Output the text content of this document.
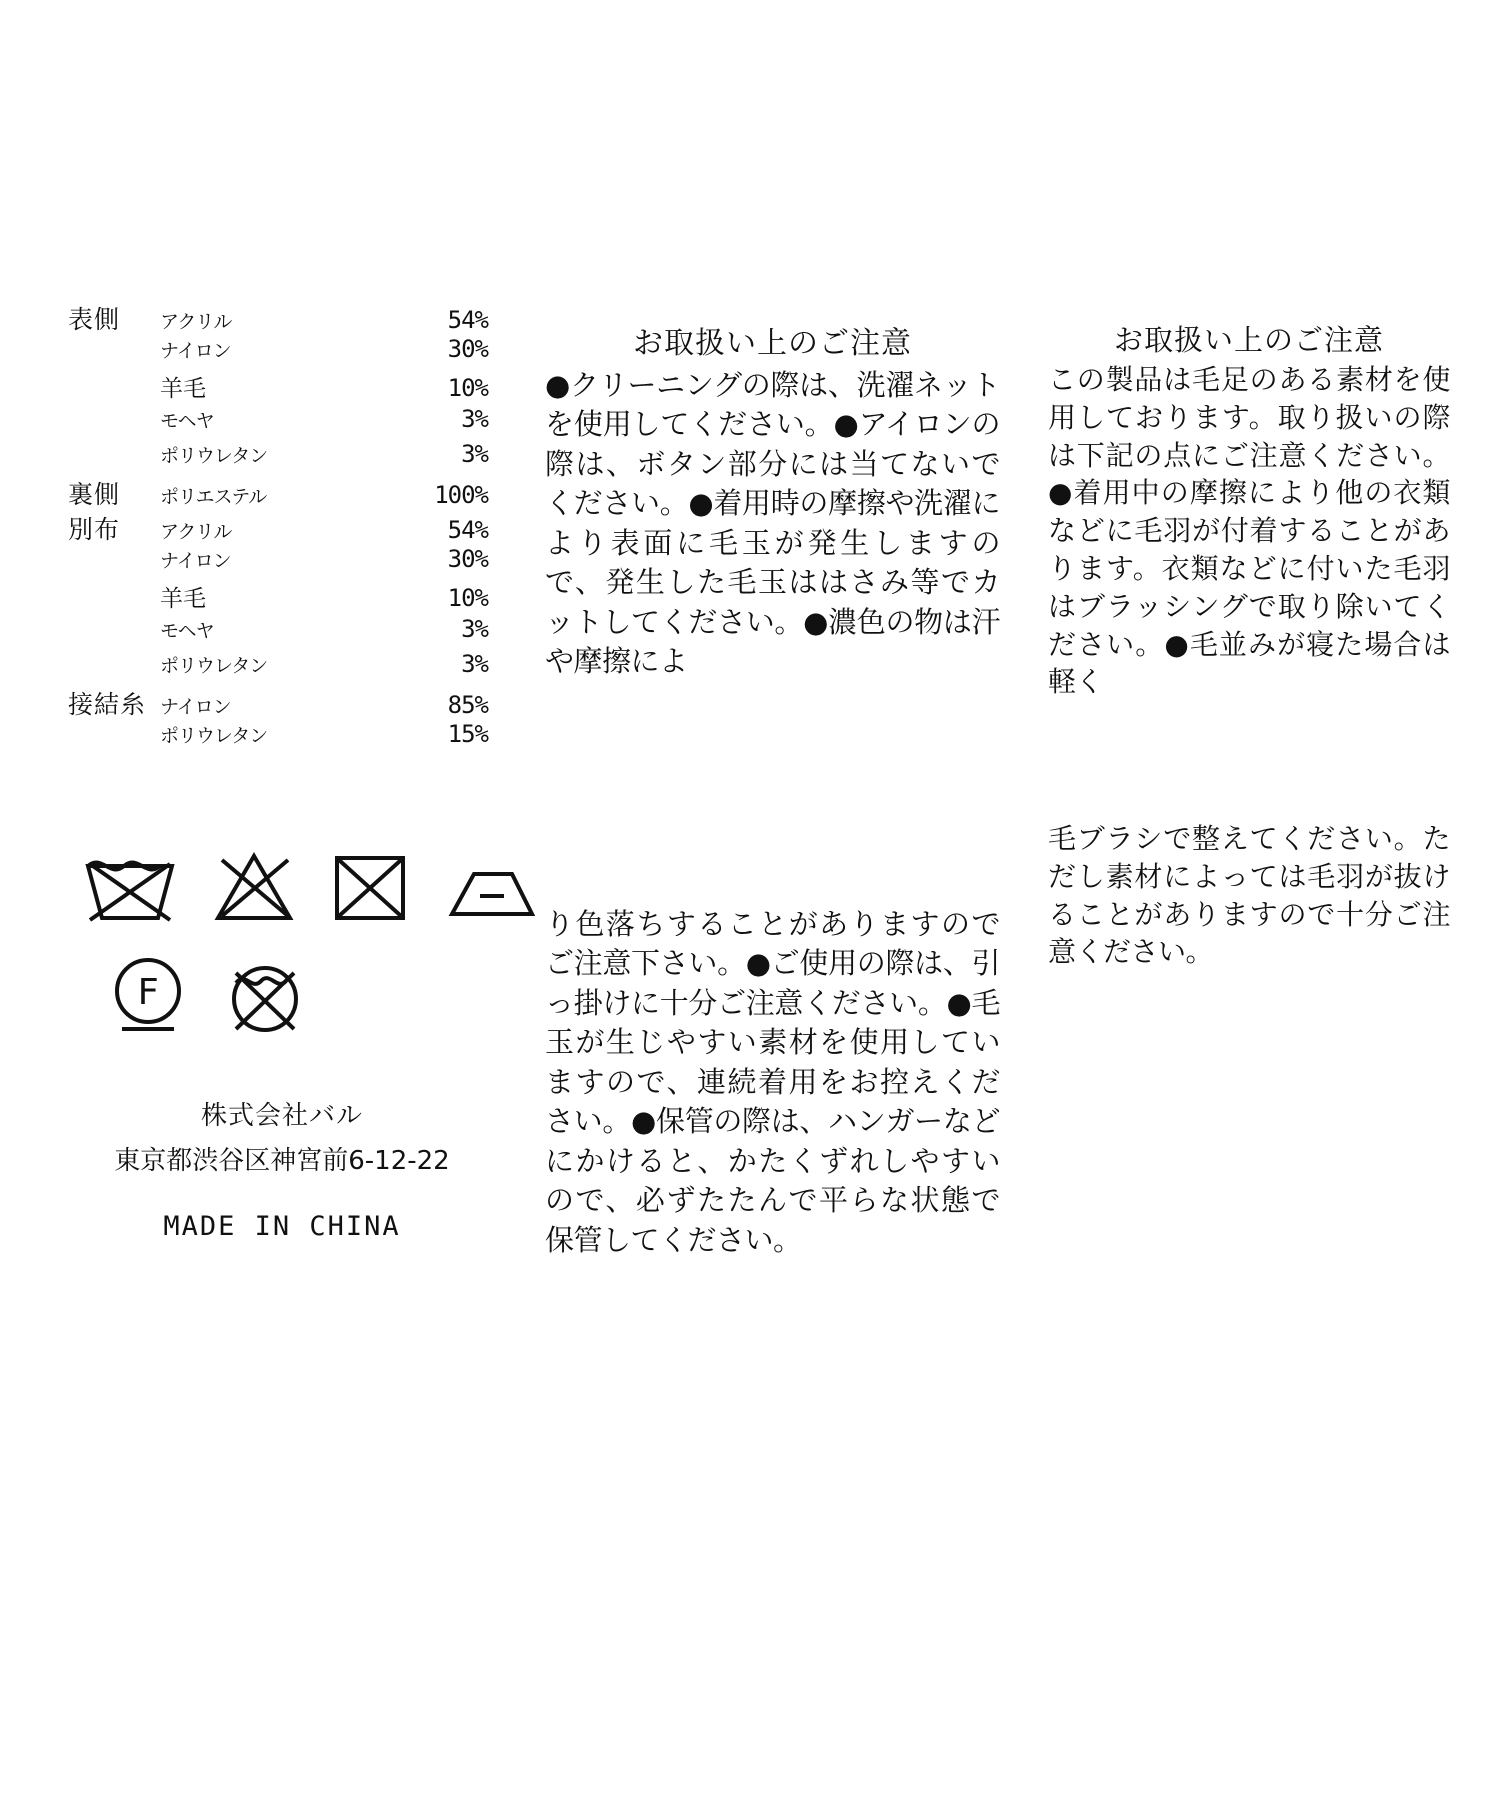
表側	アクリル	54%
ナイロン	30%
羊毛	10%
モヘヤ	3%
ポリウレタン	3%
裏側	ポリエステル	100%
別布	アクリル	54%
ナイロン	30%
羊毛	10%
モヘヤ	3%
ポリウレタン	3%
接結糸 ナイロン	85%
ポリウレタン	15%
F
株式会社バル
東京都渋谷区神宮前6-12-22
MADE IN CHINA
お取扱い上のご注意
●クリーニングの際は、洗濯ネットを使用してください。●アイロンの際は、ボタン部分には当てないでください。●着用時の摩擦や洗濯により表面に毛玉が発生しますので、発生した毛玉ははさみ等でカットしてください。●濃色の物は汗や摩擦によ
り色落ちすることがありますのでご注意下さい。●ご使用の際は、引っ掛けに十分ご注意ください。●毛玉が生じやすい素材を使用していますので、連続着用をお控えください。●保管の際は、ハンガーなどにかけると、かたくずれしやすいので、必ずたたんで平らな状態で保管してください。
お取扱い上のご注意
この製品は毛足のある素材を使用しております。取り扱いの際は下記の点にご注意ください。●着用中の摩擦により他の衣類などに毛羽が付着することがあります。衣類などに付いた毛羽はブラッシングで取り除いてください。●毛並みが寝た場合は軽く
毛ブラシで整えてください。ただし素材によっては毛羽が抜けることがありますので十分ご注意ください。
